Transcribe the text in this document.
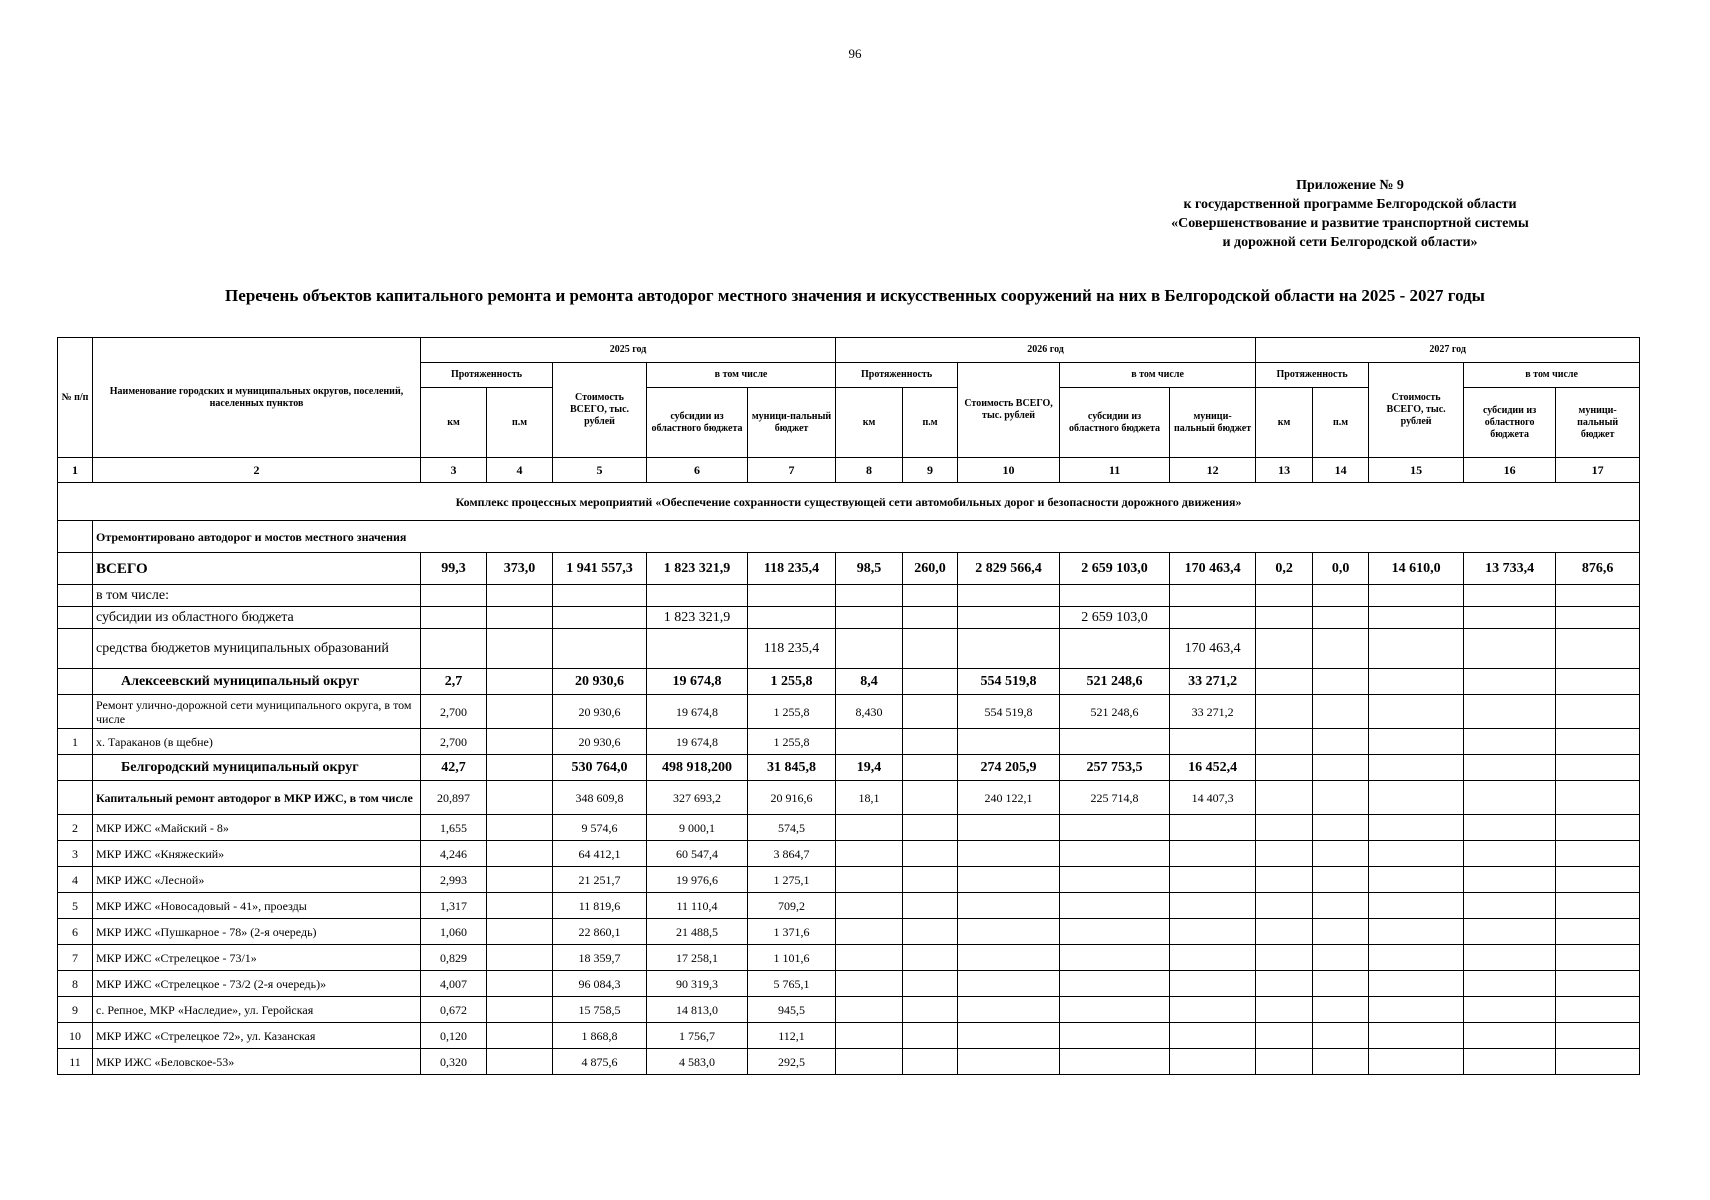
96
Приложение № 9
к государственной программе Белгородской области
«Совершенствование и развитие транспортной системы
и дорожной сети Белгородской области»
Перечень объектов капитального ремонта и ремонта автодорог местного значения и искусственных сооружений на них в Белгородской области на 2025 - 2027 годы
№ п/п	Наименование городских и муниципальных округов, поселений, населенных пунктов	2025 год					2026 год					2027 год				
		Протяженность		Стоимость ВСЕГО, тыс. рублей	в том числе		Протяженность		Стоимость ВСЕГО, тыс. рублей	в том числе		Протяженность		Стоимость ВСЕГО, тыс. рублей	в том числе	
		км	п.м		субсидии из областного бюджета	муници-пальный бюджет	км	п.м		субсидии из областного бюджета	муници-пальный бюджет	км	п.м		субсидии из областного бюджета	муници-пальный бюджет
1	2	3	4	5	6	7	8	9	10	11	12	13	14	15	16	17
Комплекс процессных мероприятий «Обеспечение сохранности существующей сети автомобильных дорог и безопасности дорожного движения»																
	Отремонтировано автодорог и мостов местного значения															
	ВСЕГО	99,3	373,0	1 941 557,3	1 823 321,9	118 235,4	98,5	260,0	2 829 566,4	2 659 103,0	170 463,4	0,2	0,0	14 610,0	13 733,4	876,6
	в том числе:															
	субсидии из областного бюджета				1 823 321,9					2 659 103,0						
	средства бюджетов муниципальных образований					118 235,4					170 463,4					
	Алексеевский муниципальный округ	2,7		20 930,6	19 674,8	1 255,8	8,4		554 519,8	521 248,6	33 271,2					
	Ремонт улично-дорожной сети муниципального округа, в том числе	2,700		20 930,6	19 674,8	1 255,8	8,430		554 519,8	521 248,6	33 271,2					
1	х. Тараканов (в щебне)	2,700		20 930,6	19 674,8	1 255,8										
	Белгородский муниципальный округ	42,7		530 764,0	498 918,200	31 845,8	19,4		274 205,9	257 753,5	16 452,4					
	Капитальный ремонт автодорог в МКР ИЖС, в том числе	20,897		348 609,8	327 693,2	20 916,6	18,1		240 122,1	225 714,8	14 407,3					
2	МКР ИЖС «Майский - 8»	1,655		9 574,6	9 000,1	574,5										
3	МКР ИЖС «Княжеский»	4,246		64 412,1	60 547,4	3 864,7										
4	МКР ИЖС «Лесной»	2,993		21 251,7	19 976,6	1 275,1										
5	МКР ИЖС «Новосадовый - 41», проезды	1,317		11 819,6	11 110,4	709,2										
6	МКР ИЖС «Пушкарное - 78» (2-я очередь)	1,060		22 860,1	21 488,5	1 371,6										
7	МКР ИЖС «Стрелецкое - 73/1»	0,829		18 359,7	17 258,1	1 101,6										
8	МКР ИЖС «Стрелецкое - 73/2 (2-я очередь)»	4,007		96 084,3	90 319,3	5 765,1										
9	с. Репное, МКР «Наследие», ул. Геройская	0,672		15 758,5	14 813,0	945,5										
10	МКР ИЖС «Стрелецкое 72», ул. Казанская	0,120		1 868,8	1 756,7	112,1										
11	МКР ИЖС «Беловское-53»	0,320		4 875,6	4 583,0	292,5										
